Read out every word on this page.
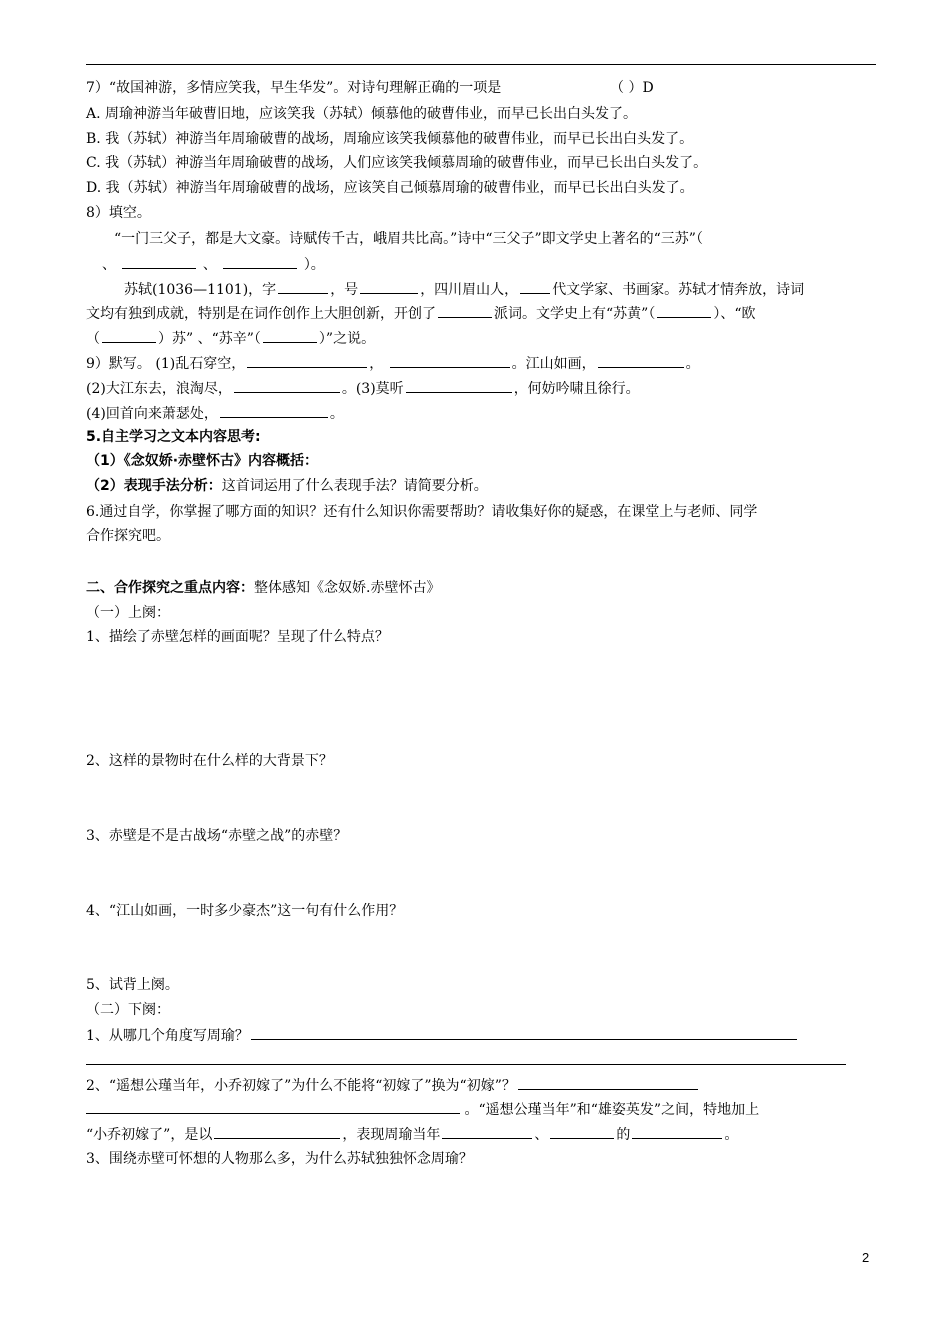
7）“故国神游，多情应笑我，早生华发”。对诗句理解正确的一项是	（ ）D
A. 周瑜神游当年破曹旧地，应该笑我（苏轼）倾慕他的破曹伟业，而早已长出白头发了。
B. 我（苏轼）神游当年周瑜破曹的战场，周瑜应该笑我倾慕他的破曹伟业，而早已长出白头发了。
C. 我（苏轼）神游当年周瑜破曹的战场，人们应该笑我倾慕周瑜的破曹伟业，而早已长出白头发了。
D. 我（苏轼）神游当年周瑜破曹的战场，应该笑自己倾慕周瑜的破曹伟业，而早已长出白头发了。
8）填空。
“一门三父子，都是大文豪。诗赋传千古，峨眉共比高。”诗中“三父子”即文学史上著名的“三苏”（
、	、	）。
苏轼(1036—1101)，字	，号	，四川眉山人， 代文学家、书画家。苏轼才情奔放，诗词
文均有独到成就，特别是在词作创作上大胆创新，开创了	派词。文学史上有“苏黄”（	）、“欧
（	）苏” 、“苏辛”（	）”之说。
9）默写。 (1)乱石穿空，	，	。江山如画，	。
(2)大江东去，浪淘尽，	。(3)莫听	，何妨吟啸且徐行。
(4)回首向来萧瑟处，	。
5.自主学习之文本内容思考:
（1）《念奴娇·赤壁怀古》内容概括：
（2）表现手法分析：这首词运用了什么表现手法？请简要分析。
6.通过自学，你掌握了哪方面的知识？还有什么知识你需要帮助？请收集好你的疑惑，在课堂上与老师、同学
合作探究吧。
二、合作探究之重点内容：整体感知《念奴娇.赤壁怀古》
（一）上阕：
1、描绘了赤壁怎样的画面呢？呈现了什么特点？
2、这样的景物时在什么样的大背景下？
3、赤壁是不是古战场“赤壁之战”的赤壁？
4、“江山如画，一时多少豪杰”这一句有什么作用？
5、试背上阕。
（二）下阕：
1、从哪几个角度写周瑜？
2、“遥想公瑾当年，小乔初嫁了”为什么不能将“初嫁了”换为“初嫁”？
。“遥想公瑾当年”和“雄姿英发”之间，特地加上
“小乔初嫁了”，是以	，表现周瑜当年	、	的	。
3、围绕赤壁可怀想的人物那么多，为什么苏轼独独怀念周瑜？
2
